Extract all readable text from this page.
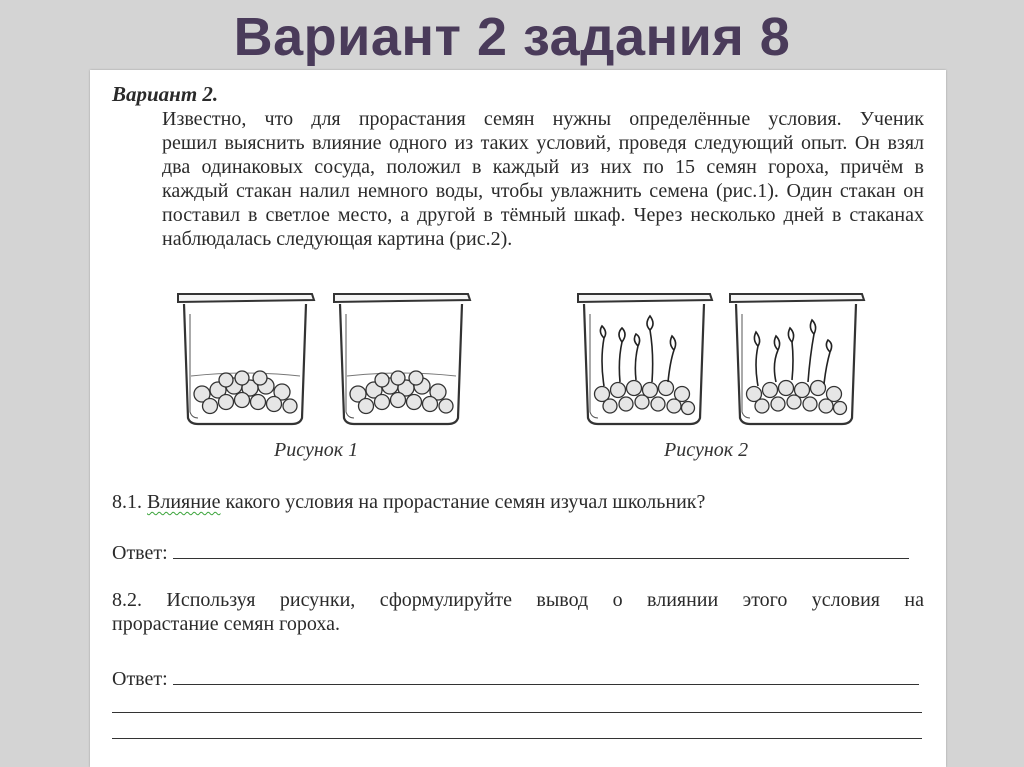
Вариант 2 задания 8
Вариант 2.
Известно, что для прорастания семян нужны определённые условия. Ученик
решил выяснить влияние одного из таких условий, проведя следующий опыт. Он взял
два одинаковых сосуда, положил в каждый из них по 15 семян гороха, причём в
каждый стакан налил немного воды, чтобы увлажнить семена (рис.1). Один стакан он
поставил в светлое место, а другой в тёмный шкаф. Через несколько дней в стаканах
наблюдалась следующая картина (рис.2).
Рисунок 1	Рисунок 2
8.1. Влияние какого условия на прорастание семян изучал школьник?
Ответ:
8.2. Используя рисунки, сформулируйте вывод о влиянии этого условия на
прорастание семян гороха.
Ответ:
